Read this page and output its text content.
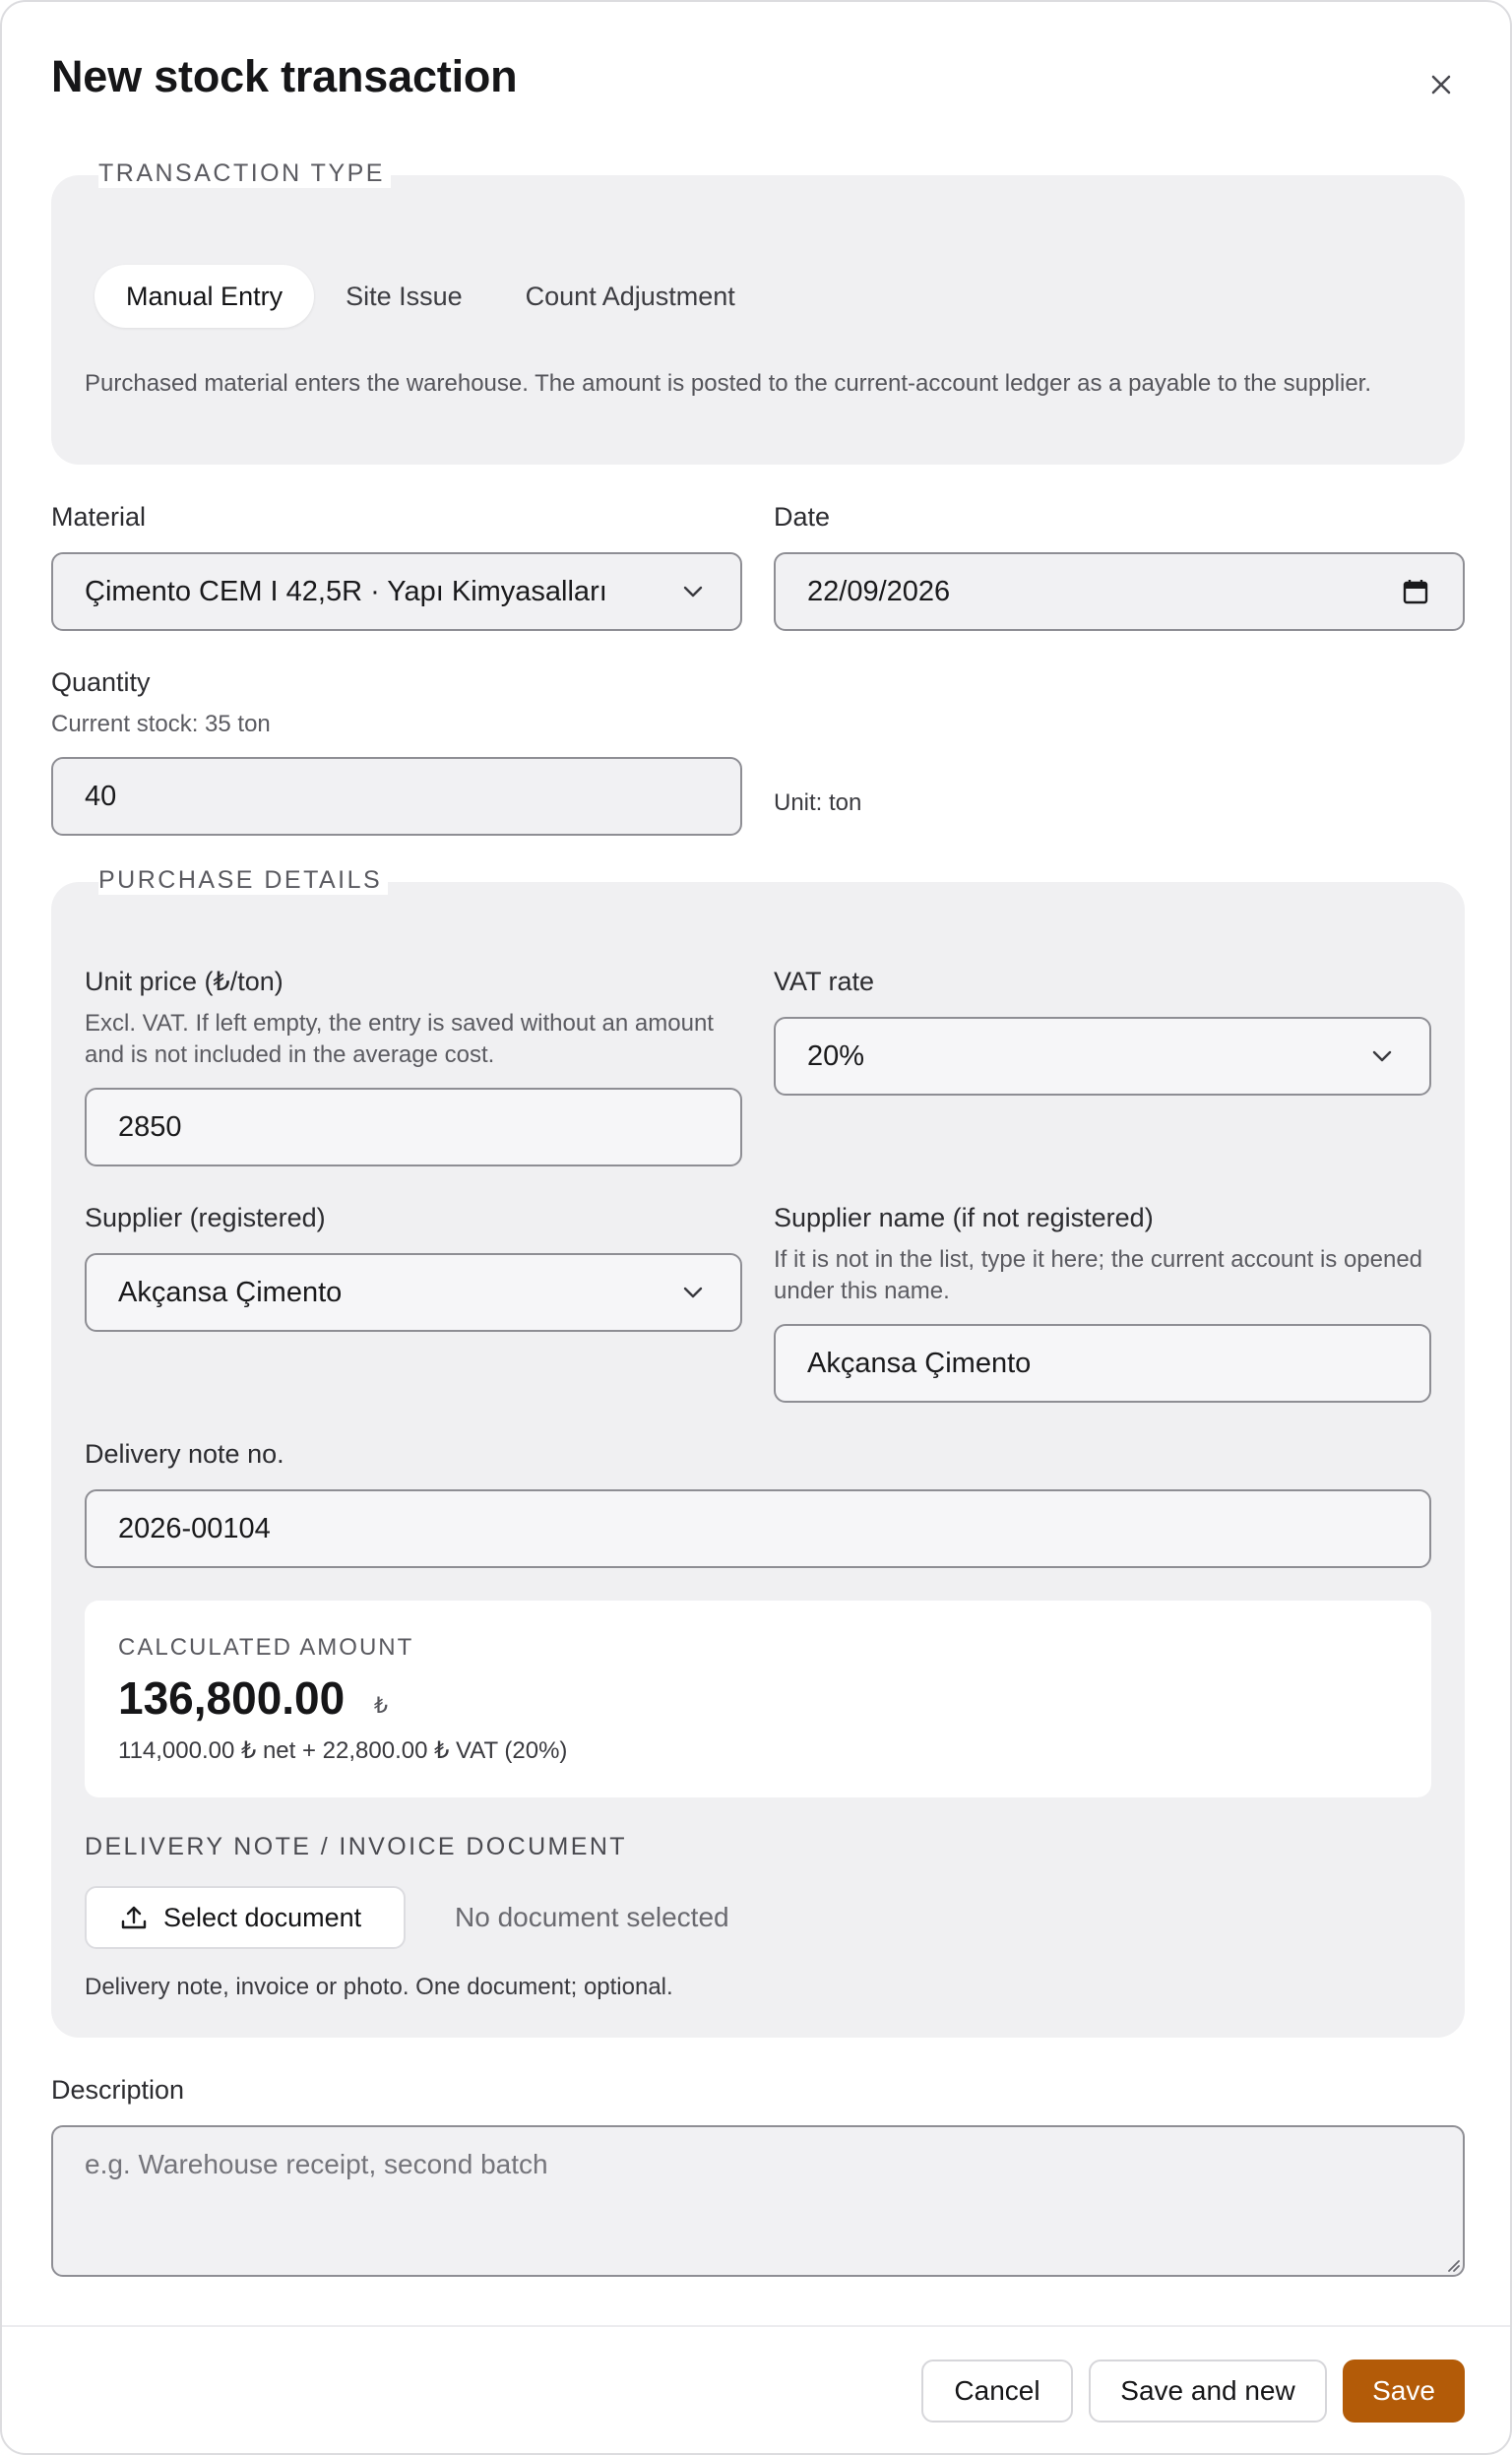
New stock transaction
TRANSACTION TYPE
Manual Entry	Site Issue	Count Adjustment
Purchased material enters the warehouse. The amount is posted to the current-account ledger as a payable to the supplier.
Material
Çimento CEM I 42,5R · Yapı Kimyasalları
Date
22/09/2026
Quantity
Current stock: 35 ton
40	Unit: ton
PURCHASE DETAILS
Unit price (₺/ton)
Excl. VAT. If left empty, the entry is saved without an amount and is not included in the average cost.
2850
VAT rate
20%
Supplier (registered)
Akçansa Çimento
Supplier name (if not registered)
If it is not in the list, type it here; the current account is opened under this name.
Akçansa Çimento
Delivery note no.
2026-00104
CALCULATED AMOUNT
136,800.00 ₺
114,000.00 ₺ net + 22,800.00 ₺ VAT (20%)
DELIVERY NOTE / INVOICE DOCUMENT
Select document	No document selected
Delivery note, invoice or photo. One document; optional.
Description
e.g. Warehouse receipt, second batch
Cancel	Save and new	Save
